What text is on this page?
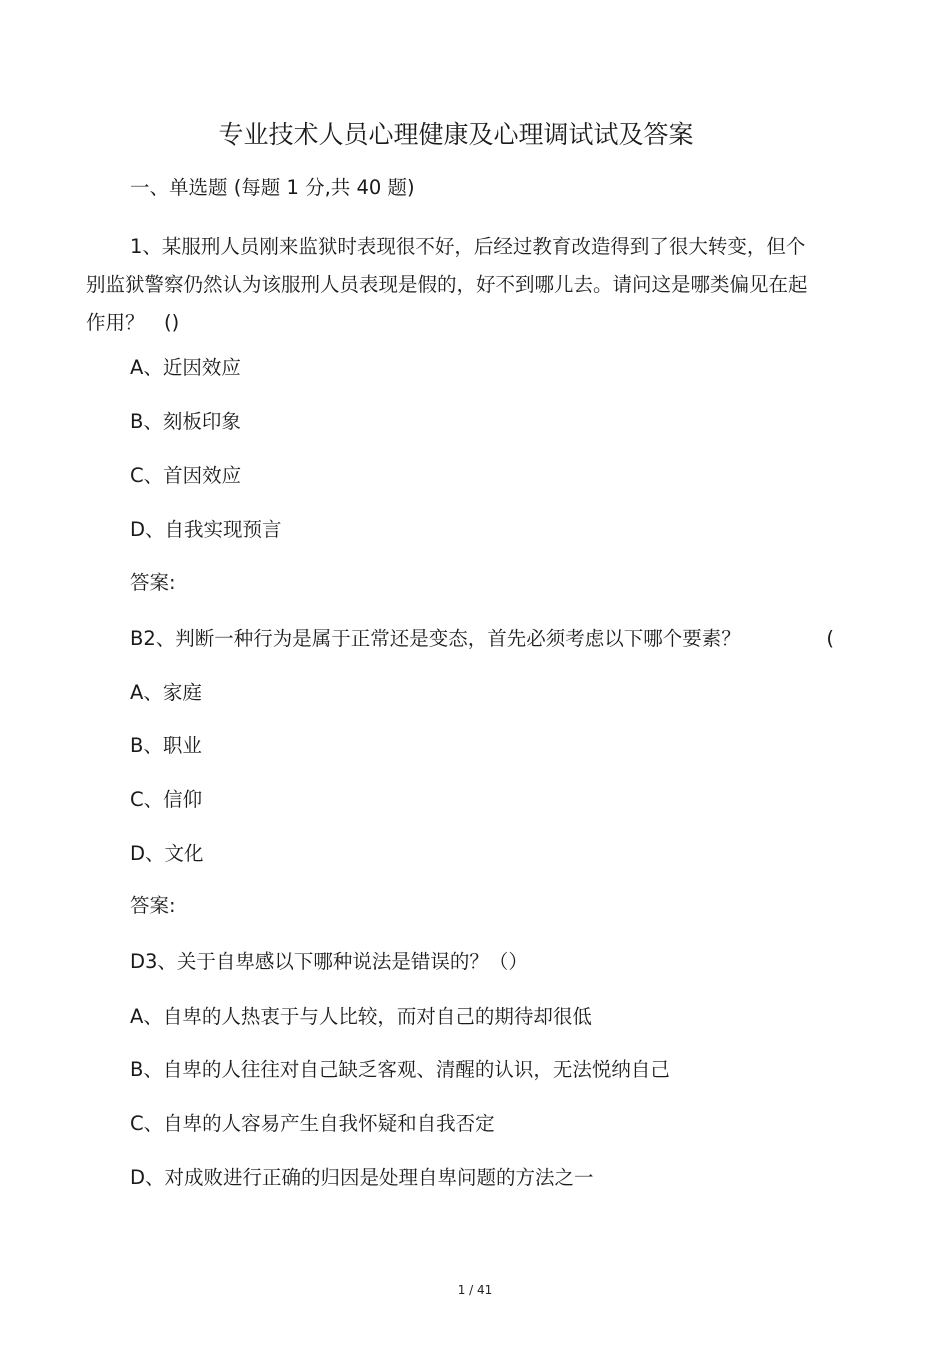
专业技术人员心理健康及心理调试试及答案
一、单选题 (每题 1 分,共 40 题)
1、某服刑人员刚来监狱时表现很不好，后经过教育改造得到了很大转变，但个别监狱警察仍然认为该服刑人员表现是假的，好不到哪儿去。请问这是哪类偏见在起作用？　()
A、近因效应
B、刻板印象
C、首因效应
D、自我实现预言
答案:
B2、判断一种行为是属于正常还是变态，首先必须考虑以下哪个要素？	(
A、家庭
B、职业
C、信仰
D、文化
答案:
D3、关于自卑感以下哪种说法是错误的？（）
A、自卑的人热衷于与人比较，而对自己的期待却很低
B、自卑的人往往对自己缺乏客观、清醒的认识，无法悦纳自己
C、自卑的人容易产生自我怀疑和自我否定
D、对成败进行正确的归因是处理自卑问题的方法之一
1 / 41
